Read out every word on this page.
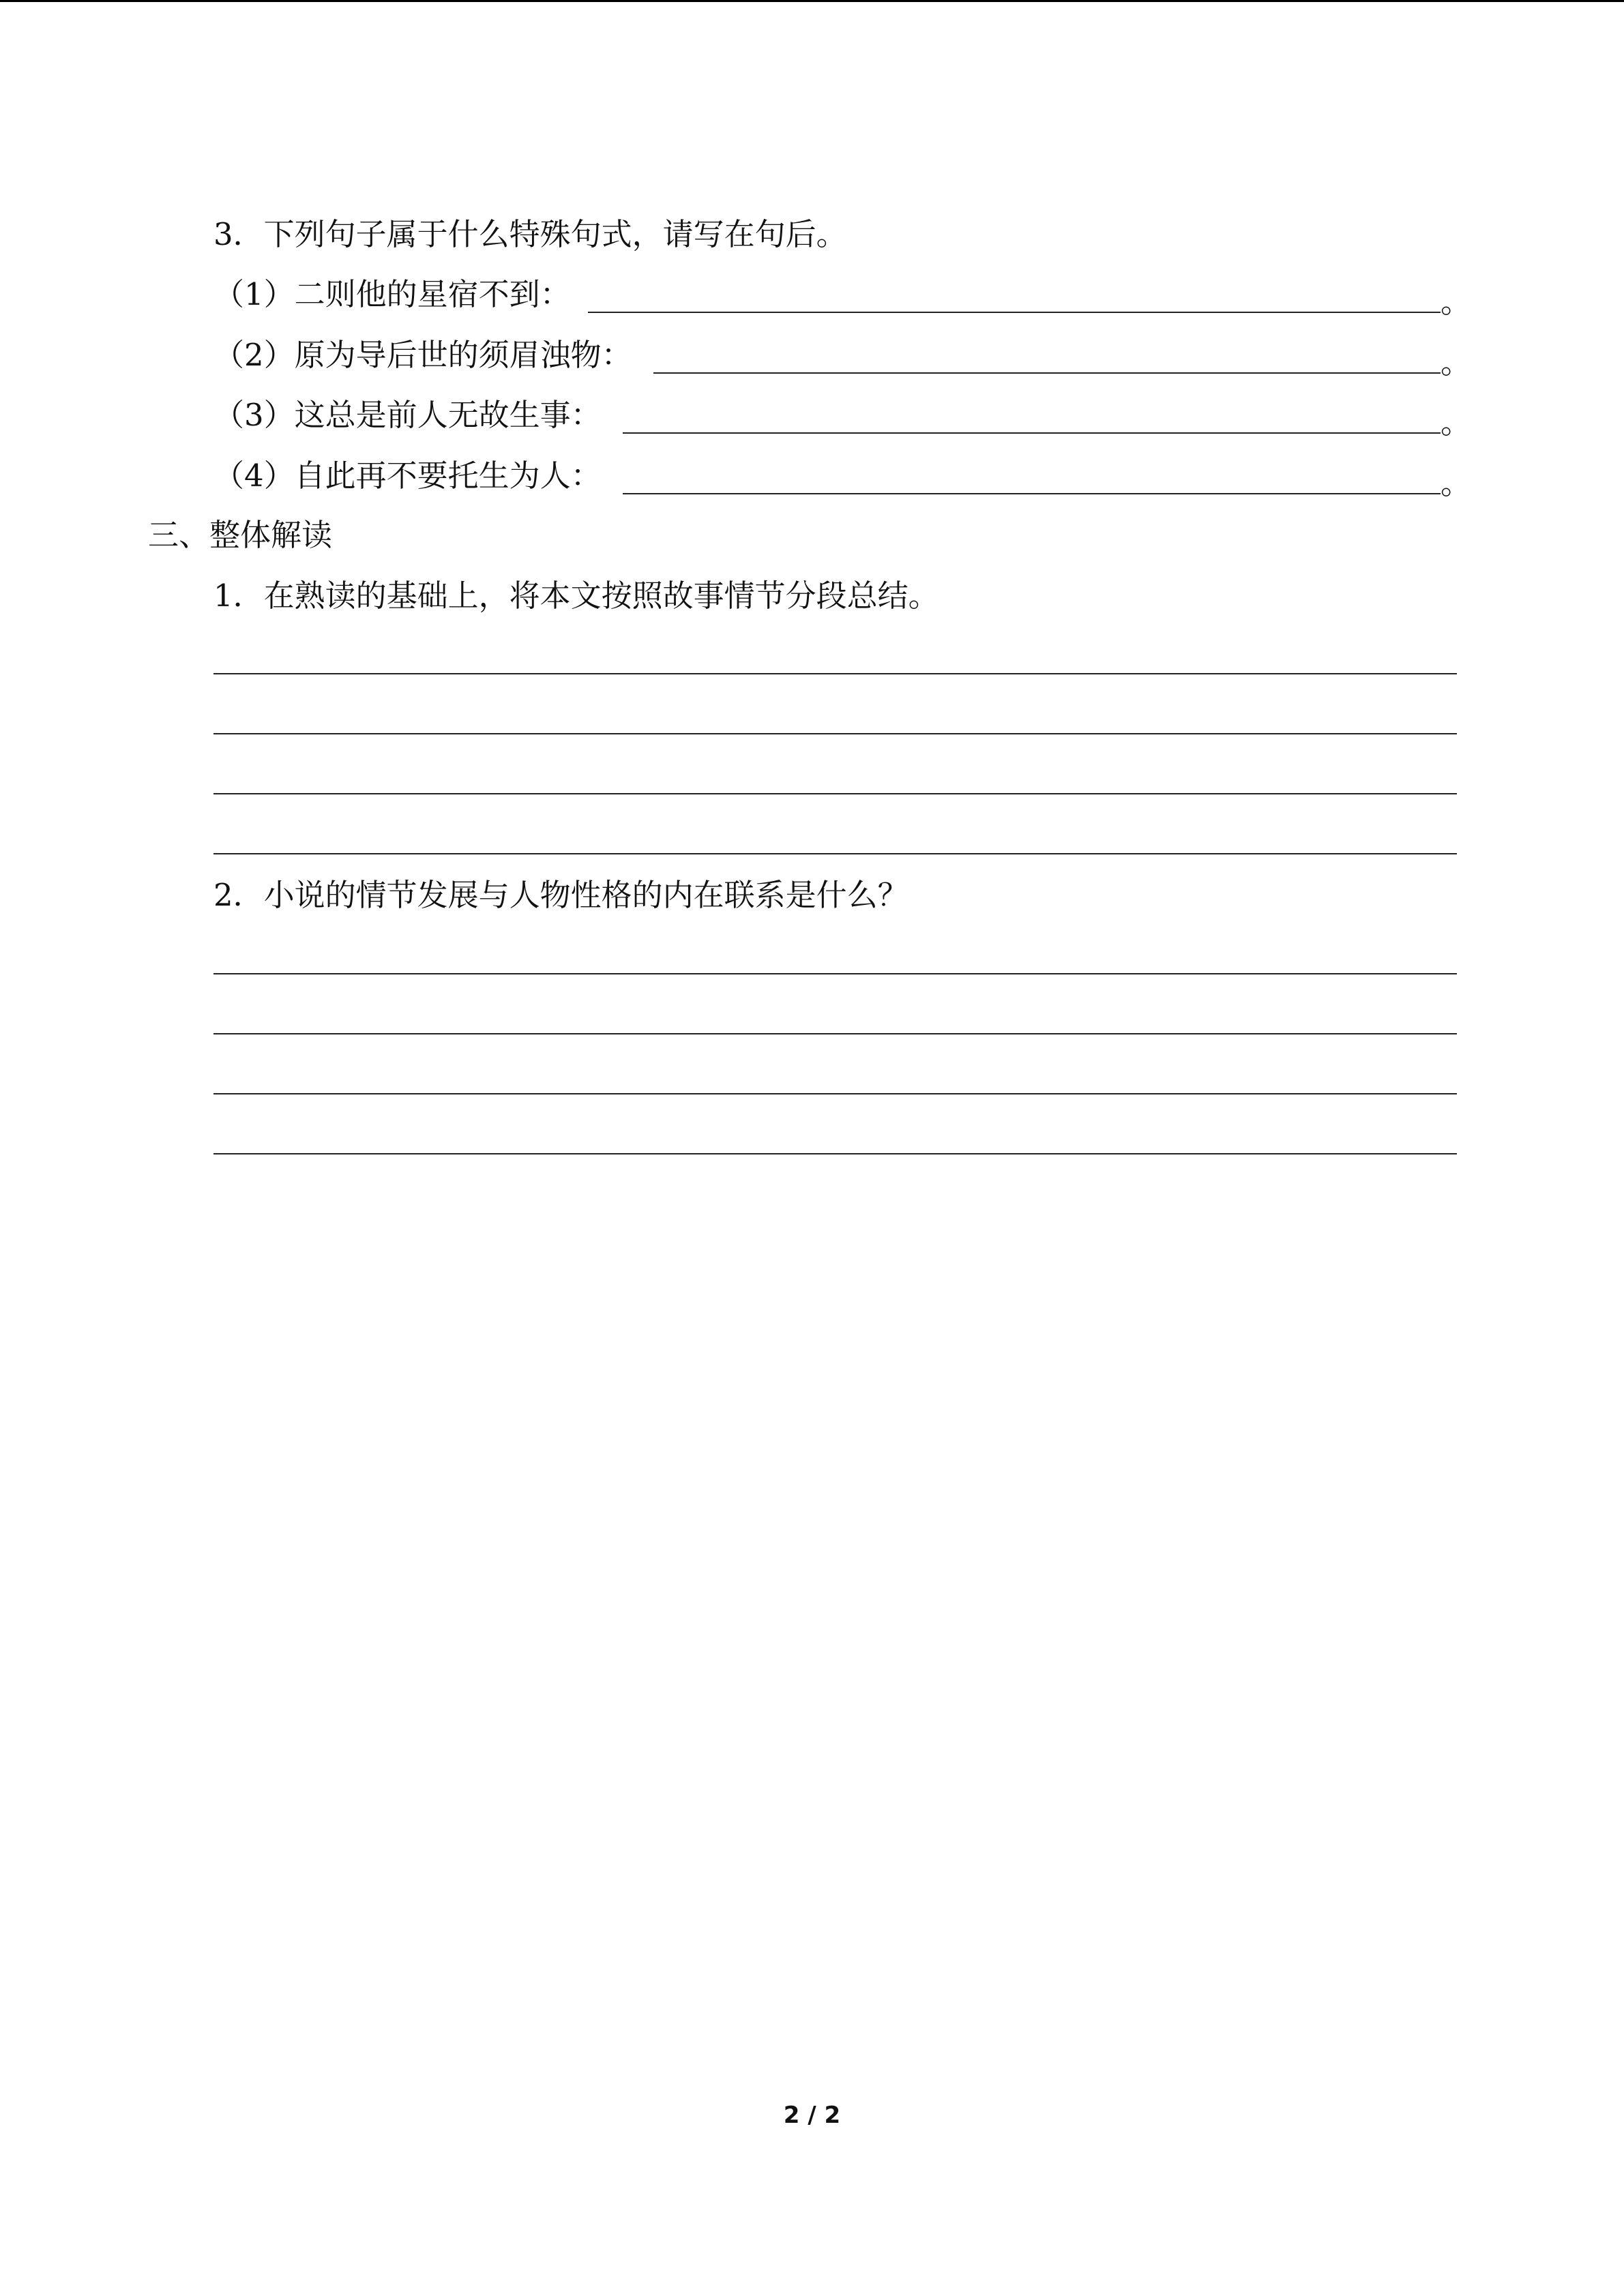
3．下列句子属于什么特殊句式，请写在句后。
（1）二则他的星宿不到：	。
（2）原为导后世的须眉浊物：	。
（3）这总是前人无故生事：	。
（4）自此再不要托生为人：	。
三、整体解读
1．在熟读的基础上，将本文按照故事情节分段总结。
2．小说的情节发展与人物性格的内在联系是什么？
2 / 2
